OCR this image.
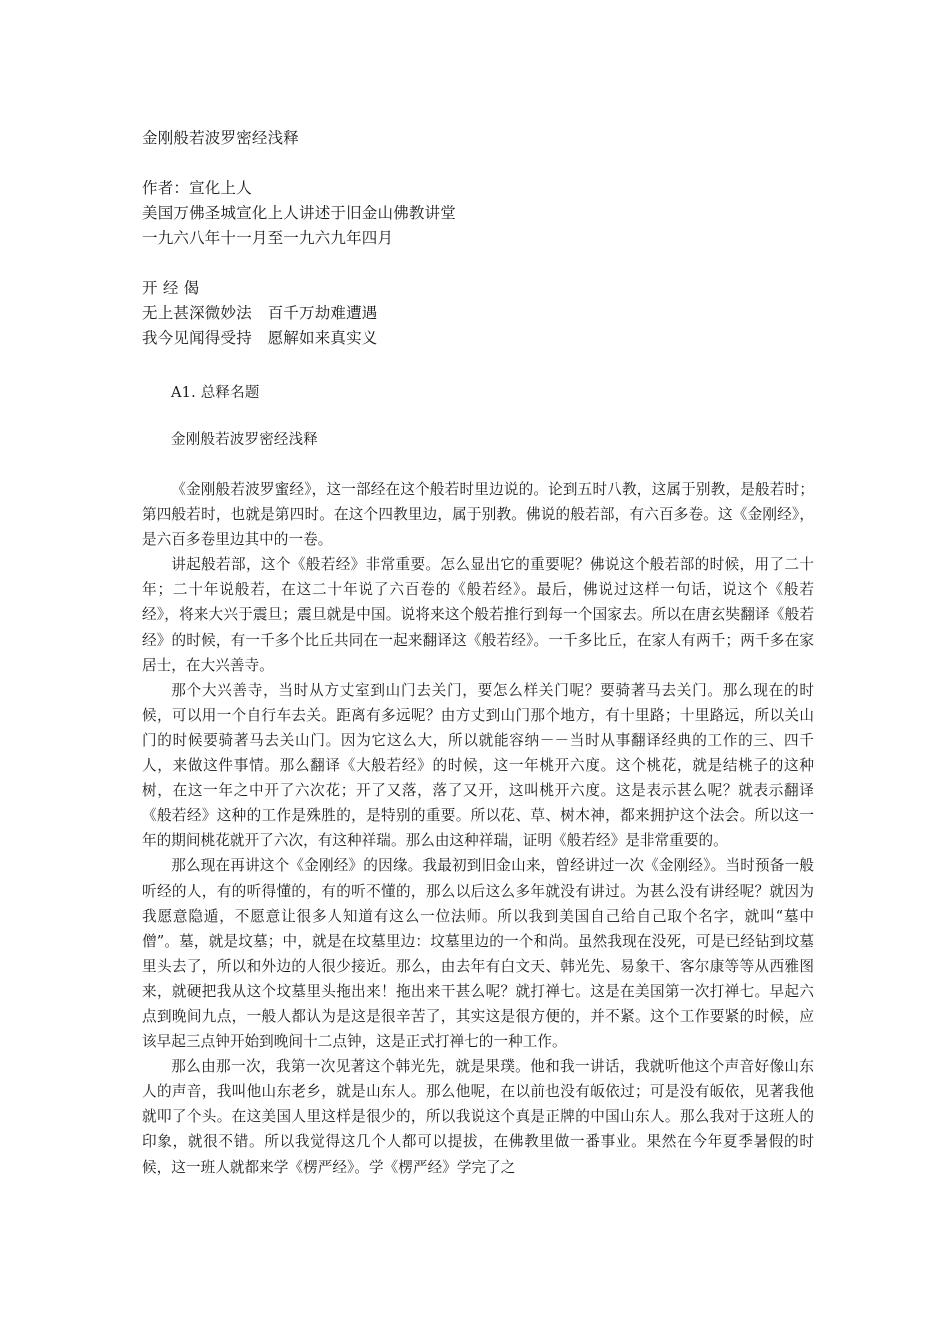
金刚般若波罗密经浅释
作者：宣化上人
美国万佛圣城宣化上人讲述于旧金山佛教讲堂
一九六八年十一月至一九六九年四月
开 经 偈
无上甚深微妙法　百千万劫难遭遇
我今见闻得受持　愿解如来真实义
A1. 总释名题
金刚般若波罗密经浅释

《金刚般若波罗蜜经》，这一部经在这个般若时里边说的。论到五时八教，这属于别教，是般若时；第四般若时，也就是第四时。在这个四教里边，属于别教。佛说的般若部，有六百多卷。这《金刚经》，是六百多卷里边其中的一卷。

讲起般若部，这个《般若经》非常重要。怎么显出它的重要呢？佛说这个般若部的时候，用了二十年；二十年说般若，在这二十年说了六百卷的《般若经》。最后，佛说过这样一句话，说这个《般若经》，将来大兴于震旦；震旦就是中国。说将来这个般若推行到每一个国家去。所以在唐玄奘翻译《般若经》的时候，有一千多个比丘共同在一起来翻译这《般若经》。一千多比丘，在家人有两千；两千多在家居士，在大兴善寺。

那个大兴善寺，当时从方丈室到山门去关门，要怎么样关门呢？要骑著马去关门。那么现在的时候，可以用一个自行车去关。距离有多远呢？由方丈到山门那个地方，有十里路；十里路远，所以关山门的时候要骑著马去关山门。因为它这么大，所以就能容纳－－当时从事翻译经典的工作的三、四千人，来做这件事情。那么翻译《大般若经》的时候，这一年桃开六度。这个桃花，就是结桃子的这种树，在这一年之中开了六次花；开了又落，落了又开，这叫桃开六度。这是表示甚么呢？就表示翻译《般若经》这种的工作是殊胜的，是特别的重要。所以花、草、树木神，都来拥护这个法会。所以这一年的期间桃花就开了六次，有这种祥瑞。那么由这种祥瑞，证明《般若经》是非常重要的。

那么现在再讲这个《金刚经》的因缘。我最初到旧金山来，曾经讲过一次《金刚经》。当时预备一般听经的人，有的听得懂的，有的听不懂的，那么以后这么多年就没有讲过。为甚么没有讲经呢？就因为我愿意隐遁，不愿意让很多人知道有这么一位法师。所以我到美国自己给自己取个名字，就叫“墓中僧”。墓，就是坟墓；中，就是在坟墓里边：坟墓里边的一个和尚。虽然我现在没死，可是已经钻到坟墓里头去了，所以和外边的人很少接近。那么，由去年有白文天、韩光先、易象干、客尔康等等从西雅图来，就硬把我从这个坟墓里头拖出来！拖出来干甚么呢？就打禅七。这是在美国第一次打禅七。早起六点到晚间九点，一般人都认为是这是很辛苦了，其实这是很方便的，并不紧。这个工作要紧的时候，应该早起三点钟开始到晚间十二点钟，这是正式打禅七的一种工作。

那么由那一次，我第一次见著这个韩光先，就是果璞。他和我一讲话，我就听他这个声音好像山东人的声音，我叫他山东老乡，就是山东人。那么他呢，在以前也没有皈依过；可是没有皈依，见著我他就叩了个头。在这美国人里这样是很少的，所以我说这个真是正牌的中国山东人。那么我对于这班人的印象，就很不错。所以我觉得这几个人都可以提拔，在佛教里做一番事业。果然在今年夏季暑假的时候，这一班人就都来学《楞严经》。学《楞严经》学完了之
